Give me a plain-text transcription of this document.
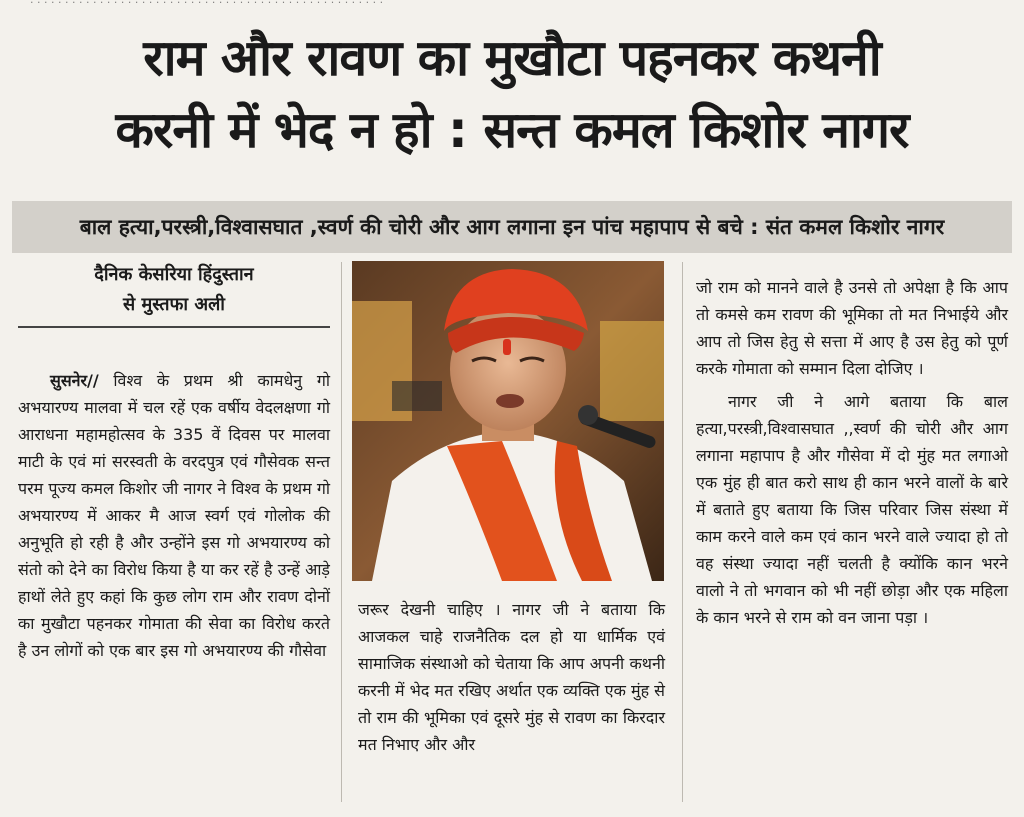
· · · · · · · · · · · · · · · · · · · · · · · · · · · · · · · · · · · · · · · · · · · · · · · · · · ·
राम और रावण का मुखौटा पहनकर कथनी
करनी में भेद न हो : सन्त कमल किशोर नागर
बाल हत्या,परस्त्री,विश्वासघात ,स्वर्ण की चोरी और आग लगाना इन पांच महापाप से बचे : संत कमल किशोर नागर
दैनिक केसरिया हिंदुस्तान
से मुस्तफा अली

सुसनेर// विश्व के प्रथम श्री कामधेनु गो अभयारण्य मालवा में चल रहें एक वर्षीय वेदलक्षणा गो आराधना महामहोत्सव के 335 वें दिवस पर मालवा माटी के एवं मां सरस्वती के वरदपुत्र एवं गौसेवक सन्त परम पूज्य कमल किशोर जी नागर ने विश्व के प्रथम गो अभयारण्य में आकर मै आज स्वर्ग एवं गोलोक की अनुभूति हो रही है और उन्होंने इस गो अभयारण्य को संतो को देने का विरोध किया है या कर रहें है उन्हें आड़े हाथों लेते हुए कहां कि कुछ लोग राम और रावण दोनों का मुखौटा पहनकर गोमाता की सेवा का विरोध करते है उन लोगों को एक बार इस गो अभयारण्य की गौसेवा

जरूर देखनी चाहिए । नागर जी ने बताया कि आजकल चाहे राजनैतिक दल हो या धार्मिक एवं सामाजिक संस्थाओ को चेताया कि आप अपनी कथनी करनी में भेद मत रखिए अर्थात एक व्यक्ति एक मुंह से तो राम की भूमिका एवं दूसरे मुंह से रावण का किरदार मत निभाए और और

जो राम को मानने वाले है उनसे तो अपेक्षा है कि आप तो कमसे कम रावण की भूमिका तो मत निभाईये और आप तो जिस हेतु से सत्ता में आए है उस हेतु को पूर्ण करके गोमाता को सम्मान दिला दोजिए ।

नागर जी ने आगे बताया कि बाल हत्या,परस्त्री,विश्वासघात ,,स्वर्ण की चोरी और आग लगाना महापाप है और गौसेवा में दो मुंह मत लगाओ एक मुंह ही बात करो साथ ही कान भरने वालों के बारे में बताते हुए बताया कि जिस परिवार जिस संस्था में काम करने वाले कम एवं कान भरने वाले ज्यादा हो तो वह संस्था ज्यादा नहीं चलती है क्योंकि कान भरने वालो ने तो भगवान को भी नहीं छोड़ा और एक महिला के कान भरने से राम को वन जाना पड़ा ।
